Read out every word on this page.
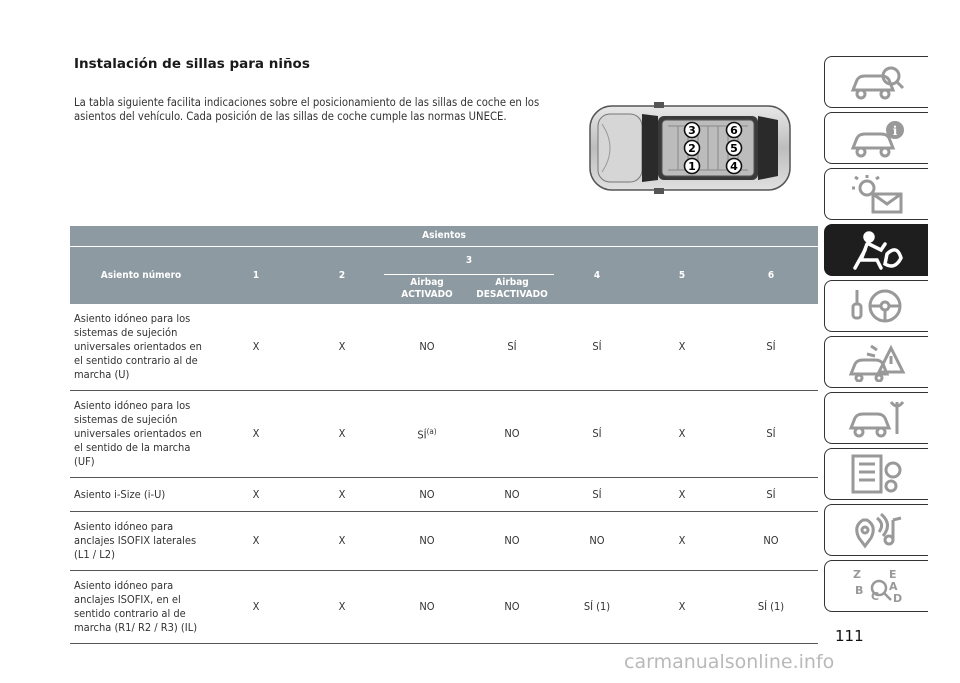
Instalación de sillas para niños

La tabla siguiente facilita indicaciones sobre el posicionamiento de las sillas de coche en los asientos del vehículo. Cada posición de las sillas de coche cumple las normas UNECE.

3	6
2	5
1	4
Asientos							
Asiento número	1	2	3		4	5	6
			Airbag ACTIVADO	Airbag DESACTIVADO			
Asiento idóneo para los sistemas de sujeción universales orientados en el sentido contrario al de marcha (U)	X	X	NO	SÍ	SÍ	X	SÍ
Asiento idóneo para los sistemas de sujeción universales orientados en el sentido de la marcha (UF)	X	X	SÍ$^{(a)}$	NO	SÍ	X	SÍ
Asiento i-Size (i-U)	X	X	NO	NO	SÍ	X	SÍ
Asiento idóneo para anclajes ISOFIX laterales (L1 / L2)	X	X	NO	NO	NO	X	NO
Asiento idóneo para anclajes ISOFIX, en el sentido contrario al de marcha (R1/ R2 / R3) (IL)	X	X	NO	NO	SÍ (1)	X	SÍ (1)
i
Z	E
B A
C D
111
carmanualsonline.info
